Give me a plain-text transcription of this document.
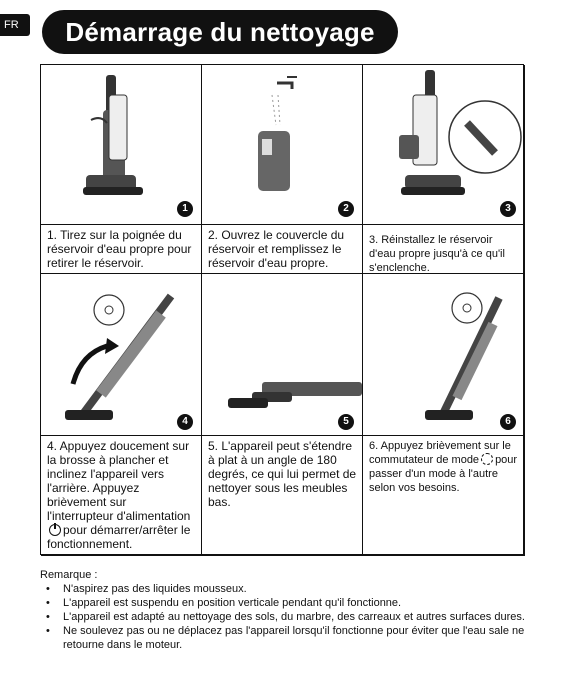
FR	Démarrage du nettoyage
1	2	3
1. Tirez sur la poignée du réservoir d'eau propre pour retirer le réservoir.
2. Ouvrez le couvercle du réservoir et remplissez le réservoir d'eau propre.
3. Réinstallez le réservoir d'eau propre jusqu'à ce qu'il s'enclenche.
4	5	6
4. Appuyez doucement sur la brosse à plancher et inclinez l'appareil vers l'arrière. Appuyez brièvement sur l'interrupteur d'alimentationpour démarrer/arrêter le fonctionnement.
5. L'appareil peut s'étendre à plat à un angle de 180 degrés, ce qui lui permet de nettoyer sous les meubles bas.
6. Appuyez brièvement sur le commutateur de mode pour passer d'un mode à l'autre selon vos besoins.
Remarque :
• N'aspirez pas des liquides mousseux.
• L'appareil est suspendu en position verticale pendant qu'il fonctionne.
• L'appareil est adapté au nettoyage des sols, du marbre, des carreaux et autres surfaces dures.
• Ne soulevez pas ou ne déplacez pas l'appareil lorsqu'il fonctionne pour éviter que l'eau sale ne retourne dans le moteur.
